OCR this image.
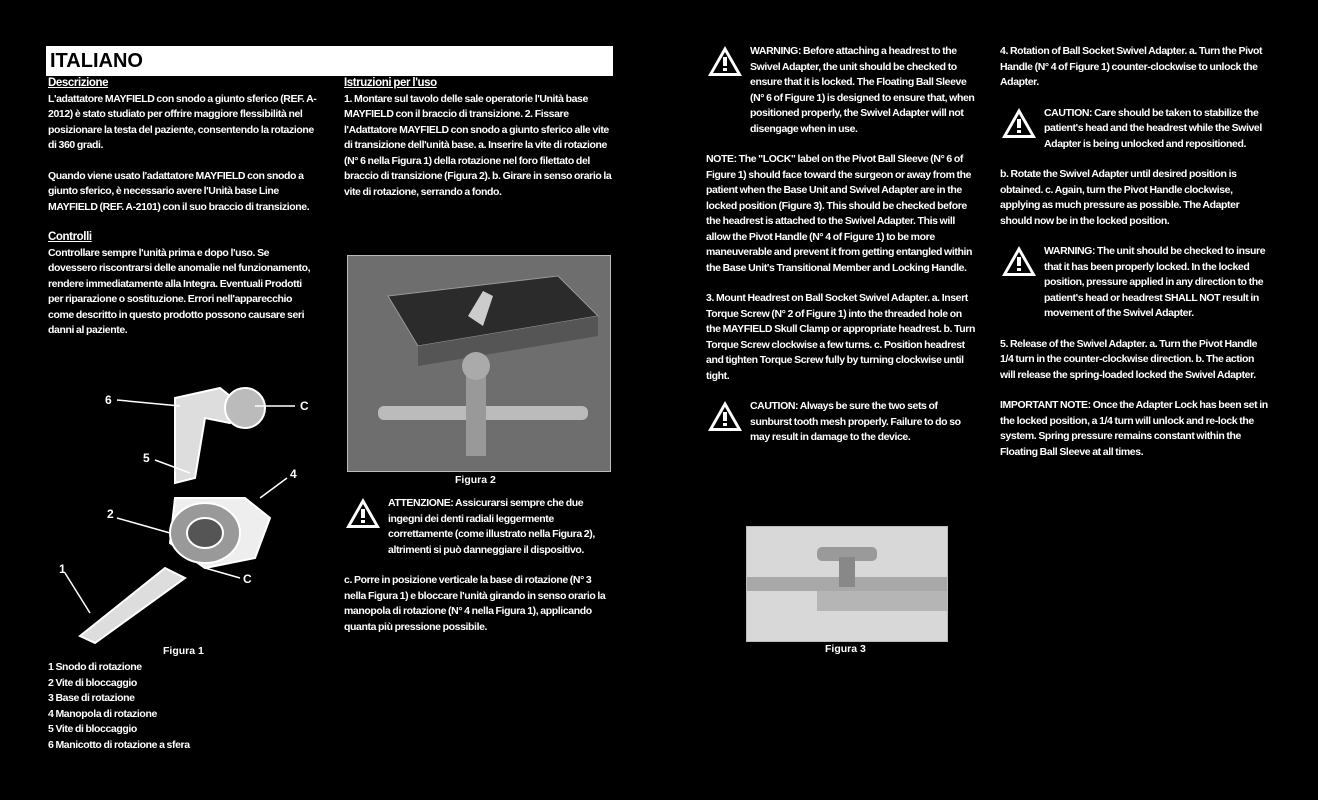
ITALIANO
Descrizione

L'adattatore MAYFIELD con snodo a giunto sferico (REF. A-2012) è stato studiato per offrire maggiore flessibilità nel posizionare la testa del paziente, consentendo la rotazione di 360 gradi.

Quando viene usato l'adattatore MAYFIELD con snodo a giunto sferico, è necessario avere l'Unità base Line MAYFIELD (REF. A-2101) con il suo braccio di transizione.

Controlli

Controllare sempre l'unità prima e dopo l'uso. Se dovessero riscontrarsi delle anomalie nel funzionamento, rendere immediatamente alla Integra. Eventuali Prodotti per riparazione o sostituzione. Errori nell'apparecchio come descritto in questo prodotto possono causare seri danni al paziente.

6	C
5
4
2
1
C
Figura 1
1 Snodo di rotazione
2 Vite di bloccaggio
3 Base di rotazione
4 Manopola di rotazione
5 Vite di bloccaggio
6 Manicotto di rotazione a sfera
Istruzioni per l'uso

1. Montare sul tavolo delle sale operatorie l'Unità base MAYFIELD con il braccio di transizione. 2. Fissare l'Adattatore MAYFIELD con snodo a giunto sferico alle vite di transizione dell'unità base. a. Inserire la vite di rotazione (N° 6 nella Figura 1) della rotazione nel foro filettato del braccio di transizione (Figura 2). b. Girare in senso orario la vite di rotazione, serrando a fondo.

Figura 2
ATTENZIONE: Assicurarsi sempre che due ingegni dei denti radiali leggermente correttamente (come illustrato nella Figura 2), altrimenti si può danneggiare il dispositivo.

c. Porre in posizione verticale la base di rotazione (N° 3 nella Figura 1) e bloccare l'unità girando in senso orario la manopola di rotazione (N° 4 nella Figura 1), applicando quanta più pressione possibile.

WARNING: Before attaching a headrest to the Swivel Adapter, the unit should be checked to ensure that it is locked. The Floating Ball Sleeve (N° 6 of Figure 1) is designed to ensure that, when positioned properly, the Swivel Adapter will not disengage when in use.

NOTE: The "LOCK" label on the Pivot Ball Sleeve (N° 6 of Figure 1) should face toward the surgeon or away from the patient when the Base Unit and Swivel Adapter are in the locked position (Figure 3). This should be checked before the headrest is attached to the Swivel Adapter. This will allow the Pivot Handle (N° 4 of Figure 1) to be more maneuverable and prevent it from getting entangled within the Base Unit's Transitional Member and Locking Handle.

3. Mount Headrest on Ball Socket Swivel Adapter. a. Insert Torque Screw (N° 2 of Figure 1) into the threaded hole on the MAYFIELD Skull Clamp or appropriate headrest. b. Turn Torque Screw clockwise a few turns. c. Position headrest and tighten Torque Screw fully by turning clockwise until tight.

CAUTION: Always be sure the two sets of sunburst tooth mesh properly. Failure to do so may result in damage to the device.
Figura 3

4. Rotation of Ball Socket Swivel Adapter. a. Turn the Pivot Handle (N° 4 of Figure 1) counter-clockwise to unlock the Adapter.

CAUTION: Care should be taken to stabilize the patient's head and the headrest while the Swivel Adapter is being unlocked and repositioned.

b. Rotate the Swivel Adapter until desired position is obtained. c. Again, turn the Pivot Handle clockwise, applying as much pressure as possible. The Adapter should now be in the locked position.

WARNING: The unit should be checked to insure that it has been properly locked. In the locked position, pressure applied in any direction to the patient's head or headrest SHALL NOT result in movement of the Swivel Adapter.

5. Release of the Swivel Adapter. a. Turn the Pivot Handle 1/4 turn in the counter-clockwise direction. b. The action will release the spring-loaded locked the Swivel Adapter.

IMPORTANT NOTE: Once the Adapter Lock has been set in the locked position, a 1/4 turn will unlock and re-lock the system. Spring pressure remains constant within the Floating Ball Sleeve at all times.
